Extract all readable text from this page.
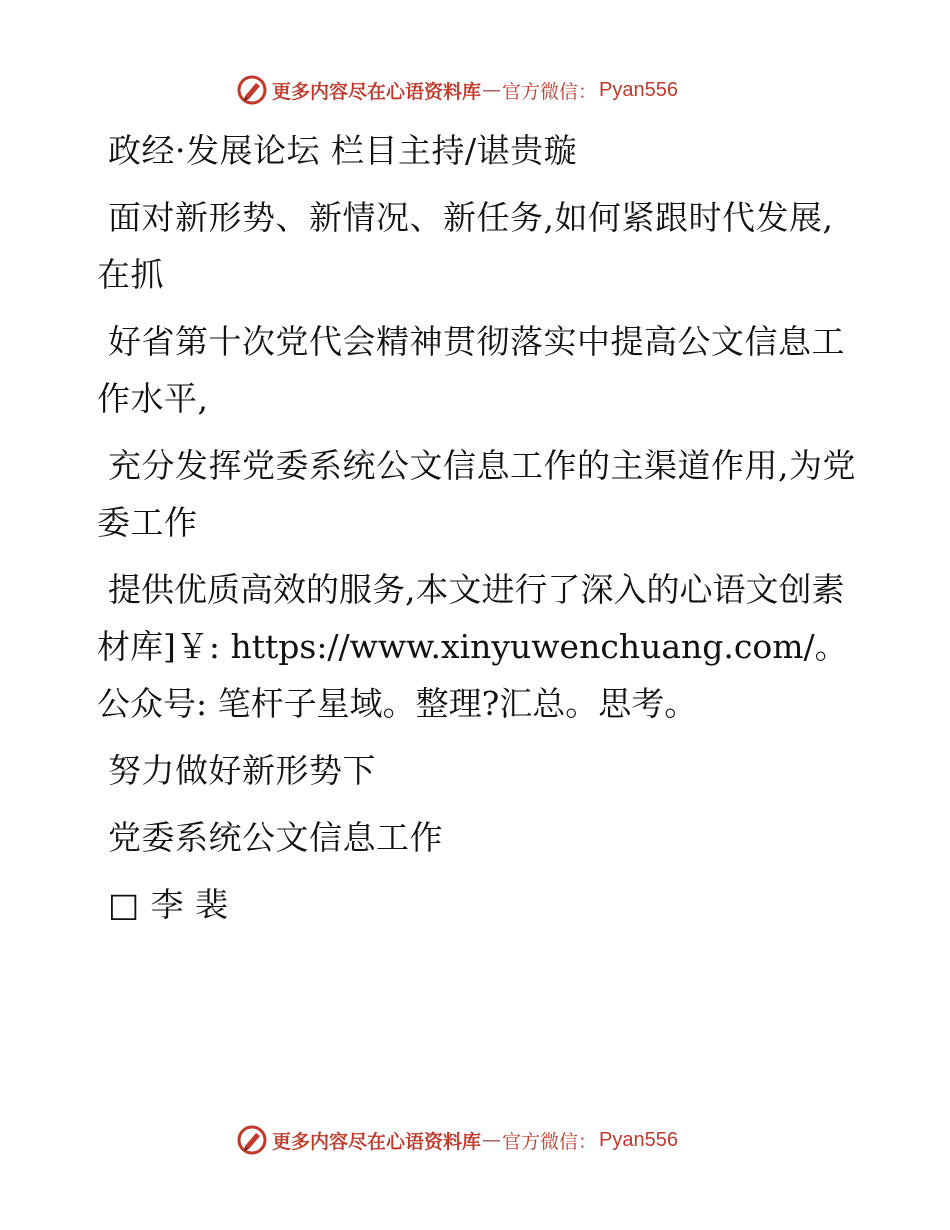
更多内容尽在心语资料库 — 官方微信： Pyan556

政经·发展论坛 栏目主持/谌贵璇

面对新形势、新情况、新任务,如何紧跟时代发展,在抓

好省第十次党代会精神贯彻落实中提高公文信息工作水平,

充分发挥党委系统公文信息工作的主渠道作用,为党委工作

提供优质高效的服务,本文进行了深入的心语文创素材库]￥: https://www.xinyuwenchuang.com/。公众号: 笔杆子星域。整理?汇总。思考。

努力做好新形势下

党委系统公文信息工作

□ 李 裴

更多内容尽在心语资料库 — 官方微信： Pyan556
